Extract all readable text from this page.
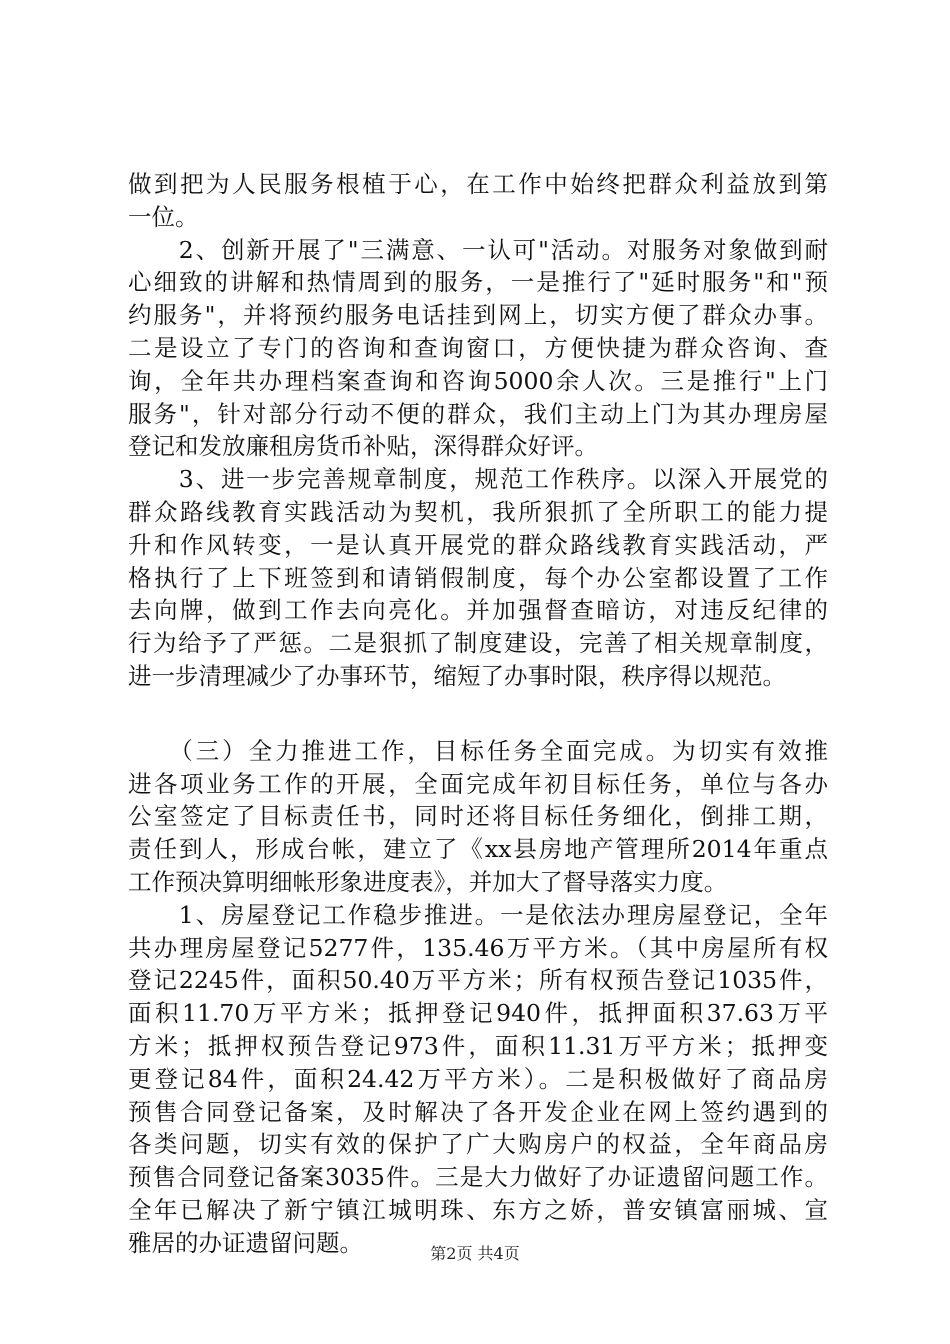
做到把为人民服务根植于心，在工作中始终把群众利益放到第
一位。
　　2、创新开展了"三满意、一认可"活动。对服务对象做到耐
心细致的讲解和热情周到的服务，一是推行了"延时服务"和"预
约服务"，并将预约服务电话挂到网上，切实方便了群众办事。
二是设立了专门的咨询和查询窗口，方便快捷为群众咨询、查
询，全年共办理档案查询和咨询5000余人次。三是推行"上门
服务"，针对部分行动不便的群众，我们主动上门为其办理房屋
登记和发放廉租房货币补贴，深得群众好评。
　　3、进一步完善规章制度，规范工作秩序。以深入开展党的
群众路线教育实践活动为契机，我所狠抓了全所职工的能力提
升和作风转变，一是认真开展党的群众路线教育实践活动，严
格执行了上下班签到和请销假制度，每个办公室都设置了工作
去向牌，做到工作去向亮化。并加强督查暗访，对违反纪律的
行为给予了严惩。二是狠抓了制度建设，完善了相关规章制度，
进一步清理减少了办事环节，缩短了办事时限，秩序得以规范。
　　（三）全力推进工作，目标任务全面完成。为切实有效推
进各项业务工作的开展，全面完成年初目标任务，单位与各办
公室签定了目标责任书，同时还将目标任务细化，倒排工期，
责任到人，形成台帐，建立了《xx县房地产管理所2014年重点
工作预决算明细帐形象进度表》，并加大了督导落实力度。
　　1、房屋登记工作稳步推进。一是依法办理房屋登记，全年
共办理房屋登记5277件，135.46万平方米。（其中房屋所有权
登记2245件，面积50.40万平方米；所有权预告登记1035件，
面积11.70万平方米；抵押登记940件，抵押面积37.63万平
方米；抵押权预告登记973件，面积11.31万平方米；抵押变
更登记84件，面积24.42万平方米）。二是积极做好了商品房
预售合同登记备案，及时解决了各开发企业在网上签约遇到的
各类问题，切实有效的保护了广大购房户的权益，全年商品房
预售合同登记备案3035件。三是大力做好了办证遗留问题工作。
全年已解决了新宁镇江城明珠、东方之娇，普安镇富丽城、宣
雅居的办证遗留问题。	第2页 共4页
